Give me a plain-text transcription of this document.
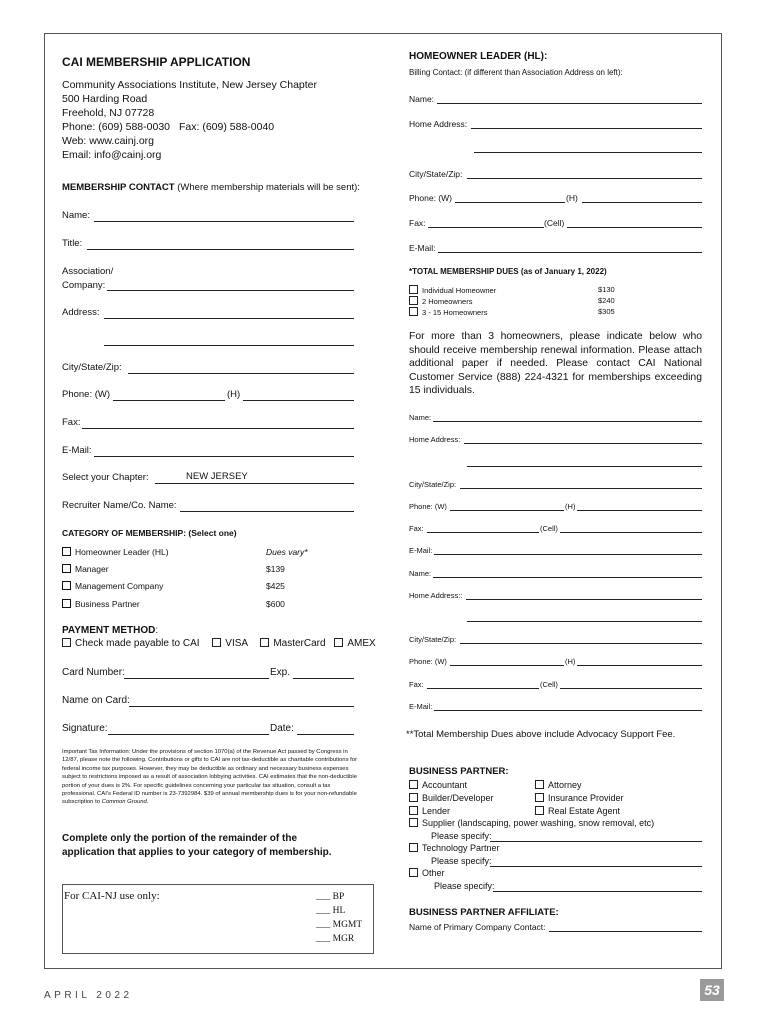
CAI MEMBERSHIP APPLICATION
Community Associations Institute, New Jersey Chapter
500 Harding Road
Freehold, NJ 07728
Phone: (609) 588-0030 Fax: (609) 588-0040
Web: www.cainj.org
Email: info@cainj.org
MEMBERSHIP CONTACT (Where membership materials will be sent):
Name:
Title:
Association/
Company:
Address:
City/State/Zip:
Phone: (W)	(H)
Fax:
E-Mail:
Select your Chapter:	NEW JERSEY
Recruiter Name/Co. Name:
CATEGORY OF MEMBERSHIP: (Select one)
Homeowner Leader (HL)	Dues vary*
Manager	$139
Management Company	$425
Business Partner	$600
PAYMENT METHOD:
Check made payable to CAI	VISA	MasterCard AMEX
Card Number:	Exp.
Name on Card:
Signature:	Date:
Important Tax Information: Under the provisions of section 1070(a) of the Revenue Act passed by Congress in 12/87, please note the following. Contributions or gifts to CAI are not tax-deductible as charitable contributions for federal income tax purposes. However, they may be deductible as ordinary and necessary business expenses subject to restrictions imposed as a result of association lobbying activities. CAI estimates that the non-deductible portion of your dues is 2%. For specific guidelines concerning your particular tax situation, consult a tax professional. CAI's Federal ID number is 23-7392984. $39 of annual membership dues is for your non-refundable subscription to Common Ground.
Complete only the portion of the remainder of the application that applies to your category of membership.
For CAI-NJ use only:	___ BP
___ HL
___ MGMT
___ MGR
HOMEOWNER LEADER (HL):
Billing Contact: (if different than Association Address on left):
Name:
Home Address:
City/State/Zip:
Phone: (W)	(H)
Fax:	(Cell)
E-Mail:
*TOTAL MEMBERSHIP DUES (as of January 1, 2022)
Individual Homeowner	$130
2 Homeowners	$240
3 - 15 Homeowners	$305
For more than 3 homeowners, please indicate below who should receive membership renewal information. Please attach additional paper if needed. Please contact CAI National Customer Service (888) 224-4321 for memberships exceeding 15 individuals.
Name:
Home Address:
City/State/Zip:
Phone: (W)	(H)
Fax:	(Cell)
E-Mail:
Name:
Home Address::
City/State/Zip:
Phone: (W)	(H)
Fax:	(Cell)
E-Mail:
**Total Membership Dues above include Advocacy Support Fee.
BUSINESS PARTNER:
Accountant	Attorney
Builder/Developer	Insurance Provider
Lender	Real Estate Agent
Supplier (landscaping, power washing, snow removal, etc)
Please specify:
Technology Partner
Please specify:
Other
Please specify:
BUSINESS PARTNER AFFILIATE:
Name of Primary Company Contact:
APRIL 2022	53
